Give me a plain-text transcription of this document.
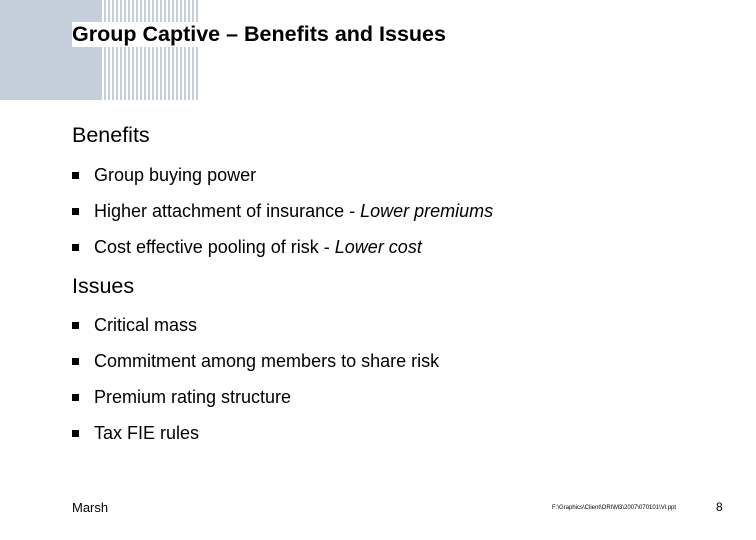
Group Captive – Benefits and Issues
Benefits
Group buying power
Higher attachment of insurance - Lower premiums
Cost effective pooling of risk - Lower cost
Issues
Critical mass
Commitment among members to share risk
Premium rating structure
Tax FIE rules
Marsh	F:\Graphics\Client\ORI\M3\2007\070101\Vl.ppt	8
